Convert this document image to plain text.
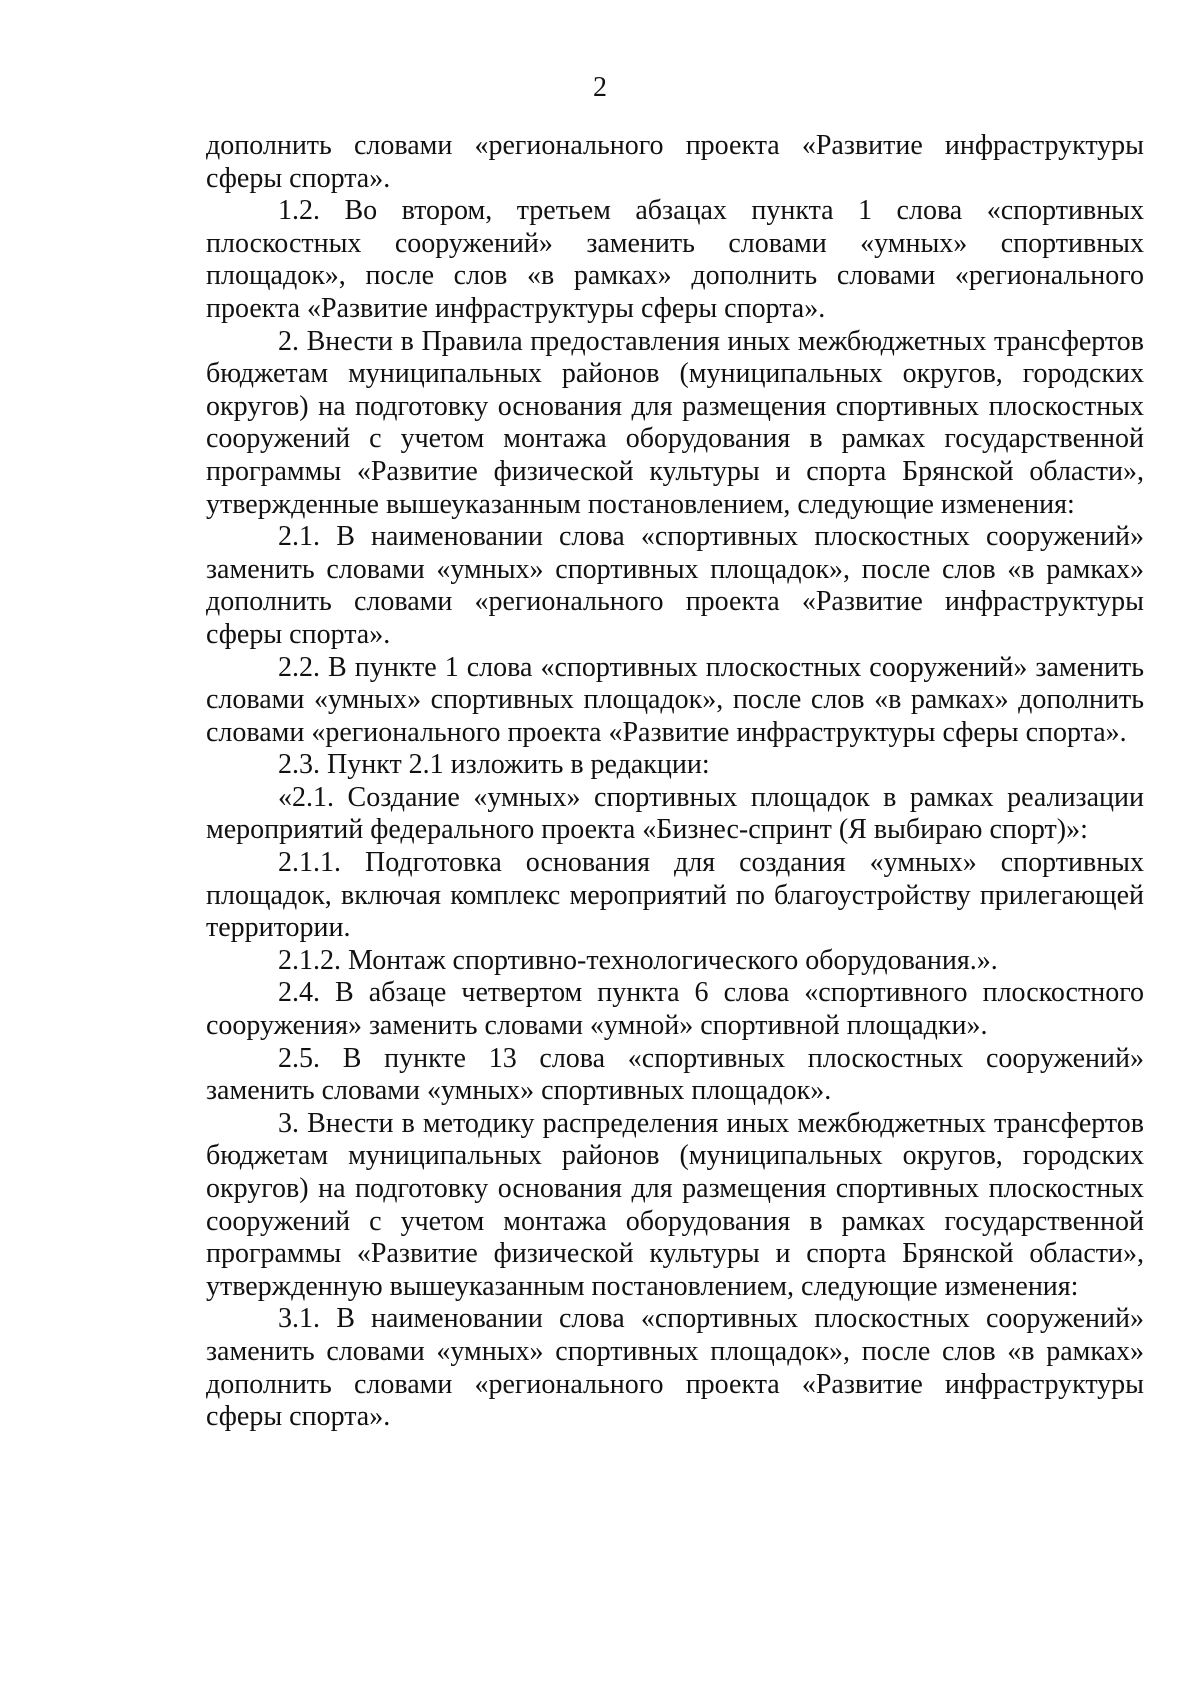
2

дополнить словами «регионального проекта «Развитие инфраструктуры сферы спорта».

1.2. Во втором, третьем абзацах пункта 1 слова «спортивных плоскостных сооружений» заменить словами «умных» спортивных площадок», после слов «в рамках» дополнить словами «регионального проекта «Развитие инфраструктуры сферы спорта».

2. Внести в Правила предоставления иных межбюджетных трансфертов бюджетам муниципальных районов (муниципальных округов, городских округов) на подготовку основания для размещения спортивных плоскостных сооружений с учетом монтажа оборудования в рамках государственной программы «Развитие физической культуры и спорта Брянской области», утвержденные вышеуказанным постановлением, следующие изменения:

2.1. В наименовании слова «спортивных плоскостных сооружений» заменить словами «умных» спортивных площадок», после слов «в рамках» дополнить словами «регионального проекта «Развитие инфраструктуры сферы спорта».

2.2. В пункте 1 слова «спортивных плоскостных сооружений» заменить словами «умных» спортивных площадок», после слов «в рамках» дополнить словами «регионального проекта «Развитие инфраструктуры сферы спорта».

2.3. Пункт 2.1 изложить в редакции:

«2.1. Создание «умных» спортивных площадок в рамках реализации мероприятий федерального проекта «Бизнес-спринт (Я выбираю спорт)»:

2.1.1. Подготовка основания для создания «умных» спортивных площадок, включая комплекс мероприятий по благоустройству прилегающей территории.

2.1.2. Монтаж спортивно-технологического оборудования.».

2.4. В абзаце четвертом пункта 6 слова «спортивного плоскостного сооружения» заменить словами «умной» спортивной площадки».

2.5. В пункте 13 слова «спортивных плоскостных сооружений» заменить словами «умных» спортивных площадок».

3. Внести в методику распределения иных межбюджетных трансфертов бюджетам муниципальных районов (муниципальных округов, городских округов) на подготовку основания для размещения спортивных плоскостных сооружений с учетом монтажа оборудования в рамках государственной программы «Развитие физической культуры и спорта Брянской области», утвержденную вышеуказанным постановлением, следующие изменения:

3.1. В наименовании слова «спортивных плоскостных сооружений» заменить словами «умных» спортивных площадок», после слов «в рамках» дополнить словами «регионального проекта «Развитие инфраструктуры сферы спорта».
